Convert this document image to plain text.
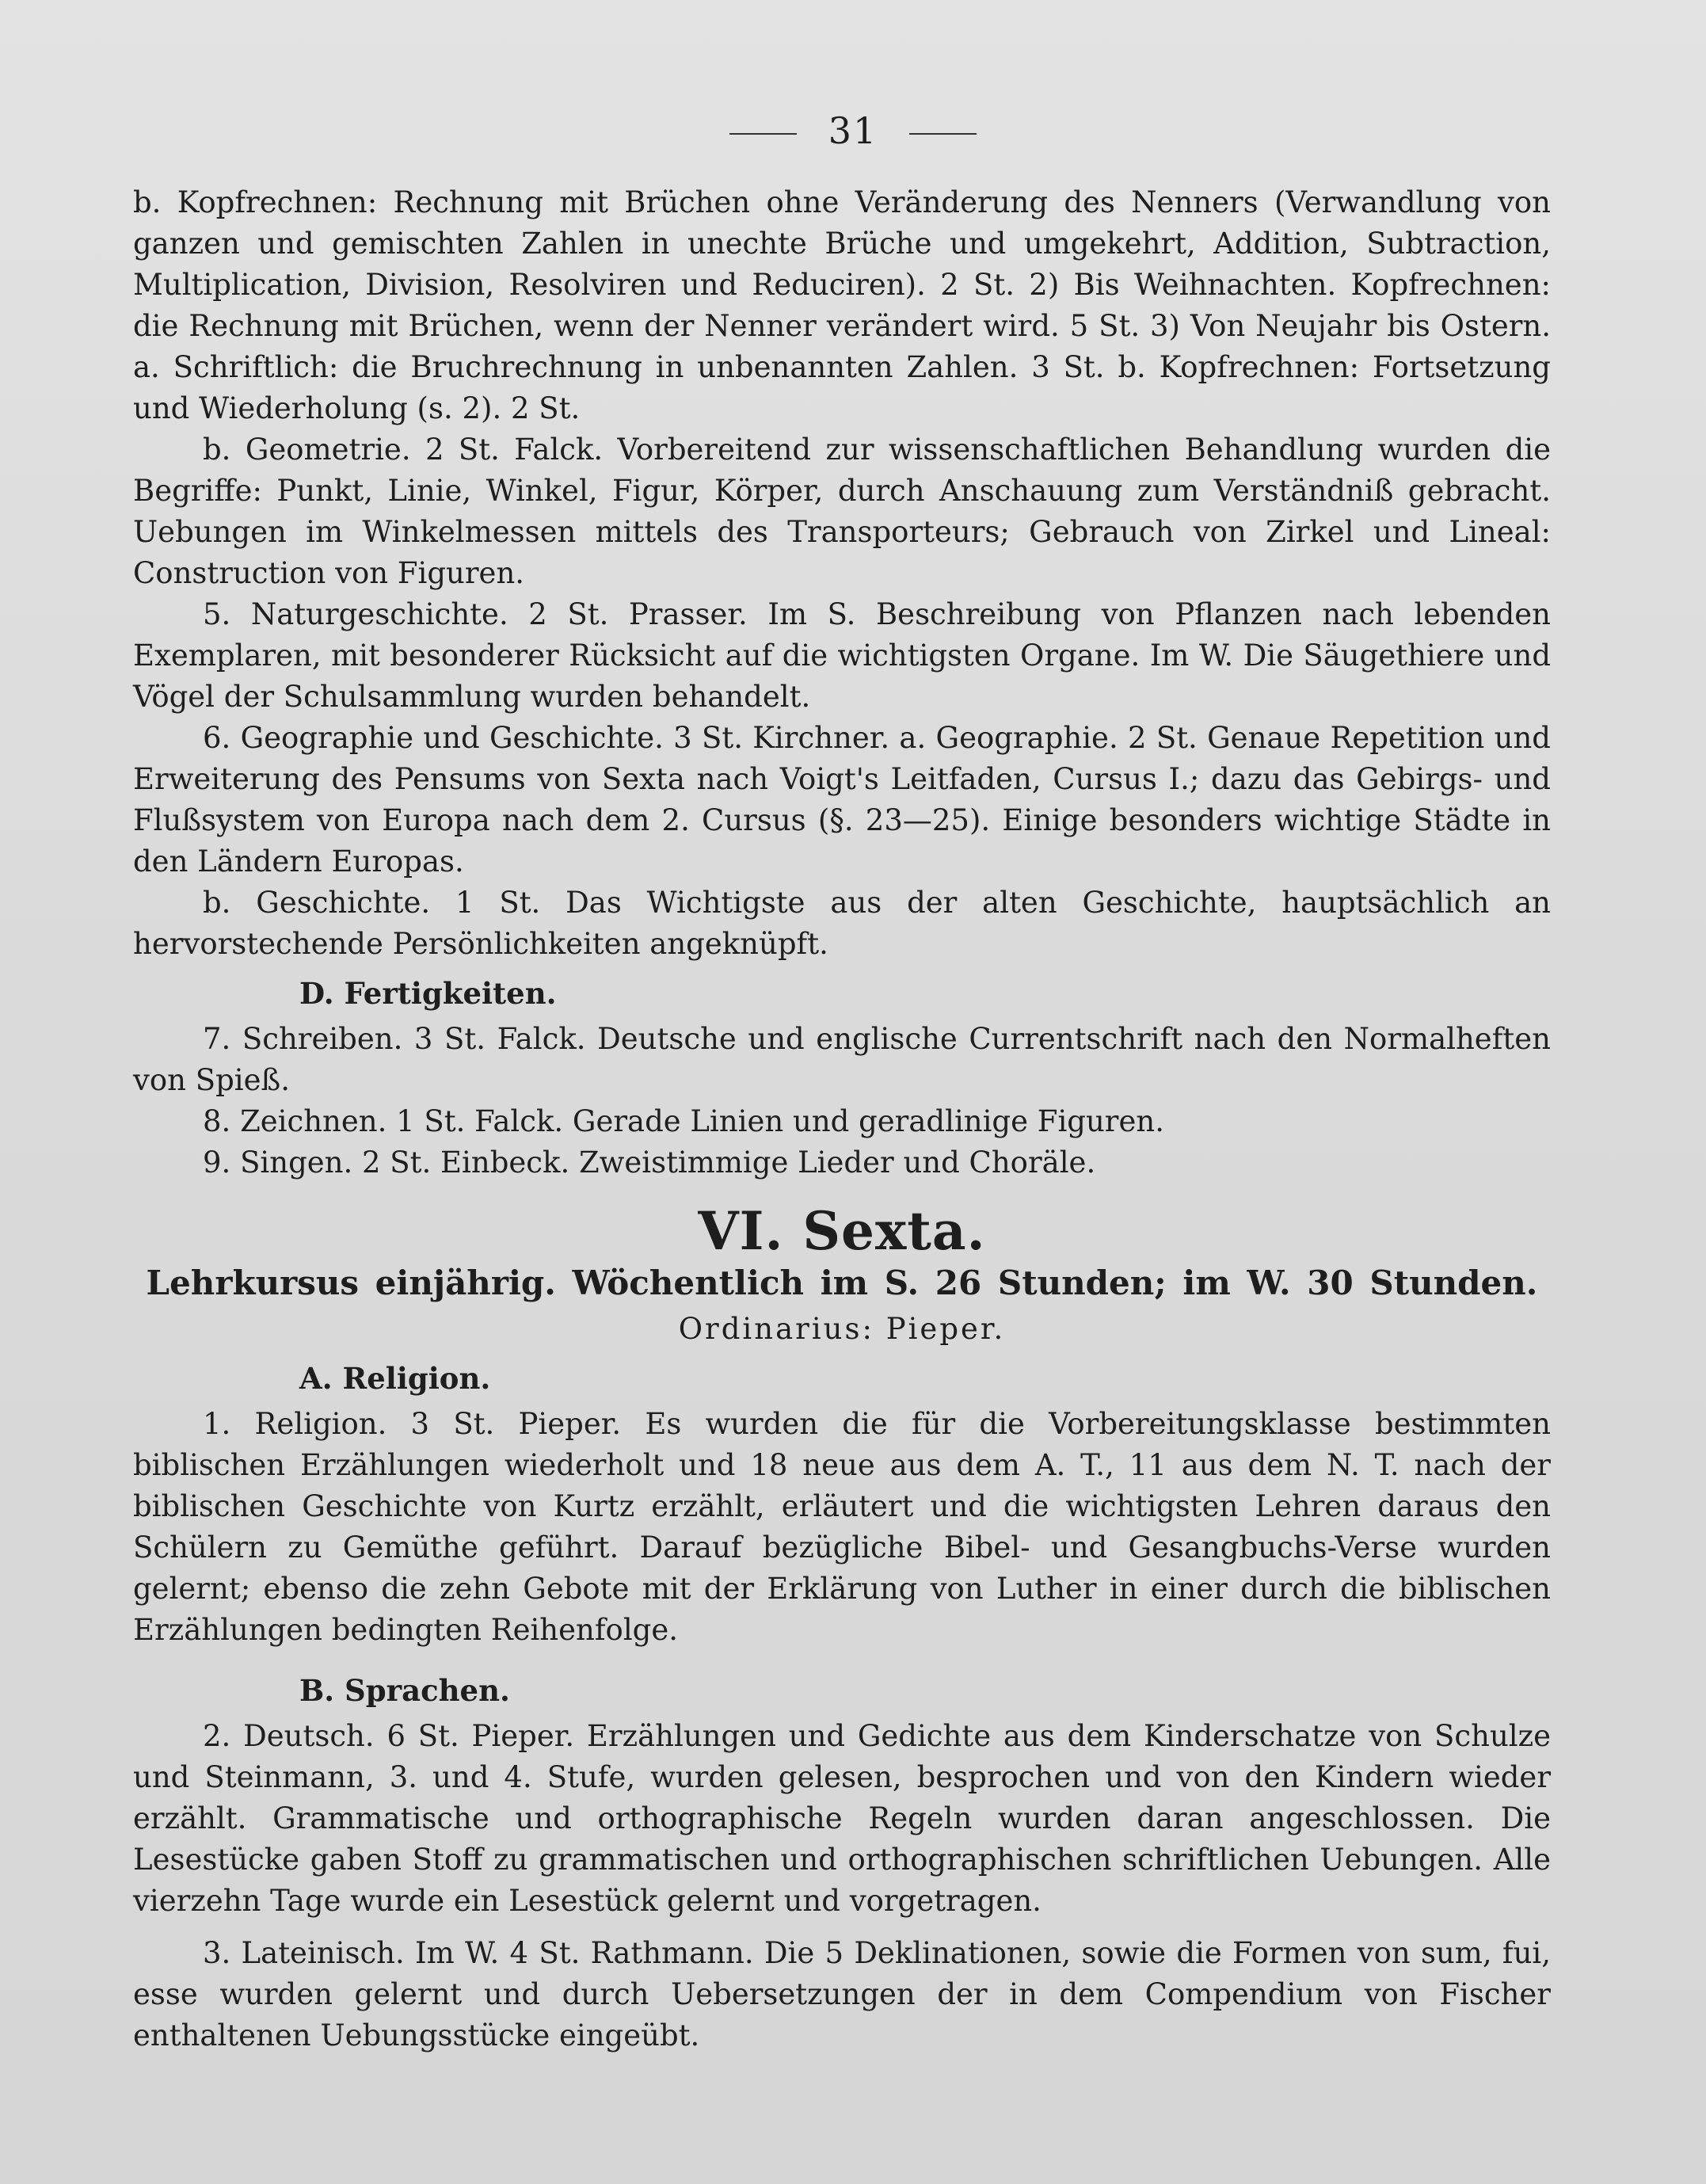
31

b. Kopfrechnen: Rechnung mit Brüchen ohne Veränderung des Nenners (Verwandlung von ganzen und gemischten Zahlen in unechte Brüche und umgekehrt, Addition, Subtraction, Multiplication, Division, Resolviren und Reduciren). 2 St. 2) Bis Weihnachten. Kopfrechnen: die Rechnung mit Brüchen, wenn der Nenner verändert wird. 5 St. 3) Von Neujahr bis Ostern. a. Schriftlich: die Bruchrechnung in unbenannten Zahlen. 3 St. b. Kopfrechnen: Fortsetzung und Wiederholung (s. 2). 2 St.

b. Geometrie. 2 St. Falck. Vorbereitend zur wissenschaftlichen Behandlung wurden die Begriffe: Punkt, Linie, Winkel, Figur, Körper, durch Anschauung zum Verständniß gebracht. Uebungen im Winkelmessen mittels des Transporteurs; Gebrauch von Zirkel und Lineal: Construction von Figuren.

5. Naturgeschichte. 2 St. Prasser. Im S. Beschreibung von Pflanzen nach lebenden Exemplaren, mit besonderer Rücksicht auf die wichtigsten Organe. Im W. Die Säugethiere und Vögel der Schulsammlung wurden behandelt.

6. Geographie und Geschichte. 3 St. Kirchner. a. Geographie. 2 St. Genaue Repetition und Erweiterung des Pensums von Sexta nach Voigt's Leitfaden, Cursus I.; dazu das Gebirgs- und Flußsystem von Europa nach dem 2. Cursus (§. 23—25). Einige besonders wichtige Städte in den Ländern Europas.

b. Geschichte. 1 St. Das Wichtigste aus der alten Geschichte, hauptsächlich an hervorstechende Persönlichkeiten angeknüpft.

D. Fertigkeiten.

7. Schreiben. 3 St. Falck. Deutsche und englische Currentschrift nach den Normalheften von Spieß.

8. Zeichnen. 1 St. Falck. Gerade Linien und geradlinige Figuren.

9. Singen. 2 St. Einbeck. Zweistimmige Lieder und Choräle.

VI. Sexta.
Lehrkursus einjährig. Wöchentlich im S. 26 Stunden; im W. 30 Stunden.
Ordinarius: Pieper.
A. Religion.

1. Religion. 3 St. Pieper. Es wurden die für die Vorbereitungsklasse bestimmten biblischen Erzählungen wiederholt und 18 neue aus dem A. T., 11 aus dem N. T. nach der biblischen Geschichte von Kurtz erzählt, erläutert und die wichtigsten Lehren daraus den Schülern zu Gemüthe geführt. Darauf bezügliche Bibel- und Gesangbuchs-Verse wurden gelernt; ebenso die zehn Gebote mit der Erklärung von Luther in einer durch die biblischen Erzählungen bedingten Reihenfolge.

B. Sprachen.

2. Deutsch. 6 St. Pieper. Erzählungen und Gedichte aus dem Kinderschatze von Schulze und Steinmann, 3. und 4. Stufe, wurden gelesen, besprochen und von den Kindern wieder erzählt. Grammatische und orthographische Regeln wurden daran angeschlossen. Die Lesestücke gaben Stoff zu grammatischen und orthographischen schriftlichen Uebungen. Alle vierzehn Tage wurde ein Lesestück gelernt und vorgetragen.

3. Lateinisch. Im W. 4 St. Rathmann. Die 5 Deklinationen, sowie die Formen von sum, fui, esse wurden gelernt und durch Uebersetzungen der in dem Compendium von Fischer enthaltenen Uebungsstücke eingeübt.
